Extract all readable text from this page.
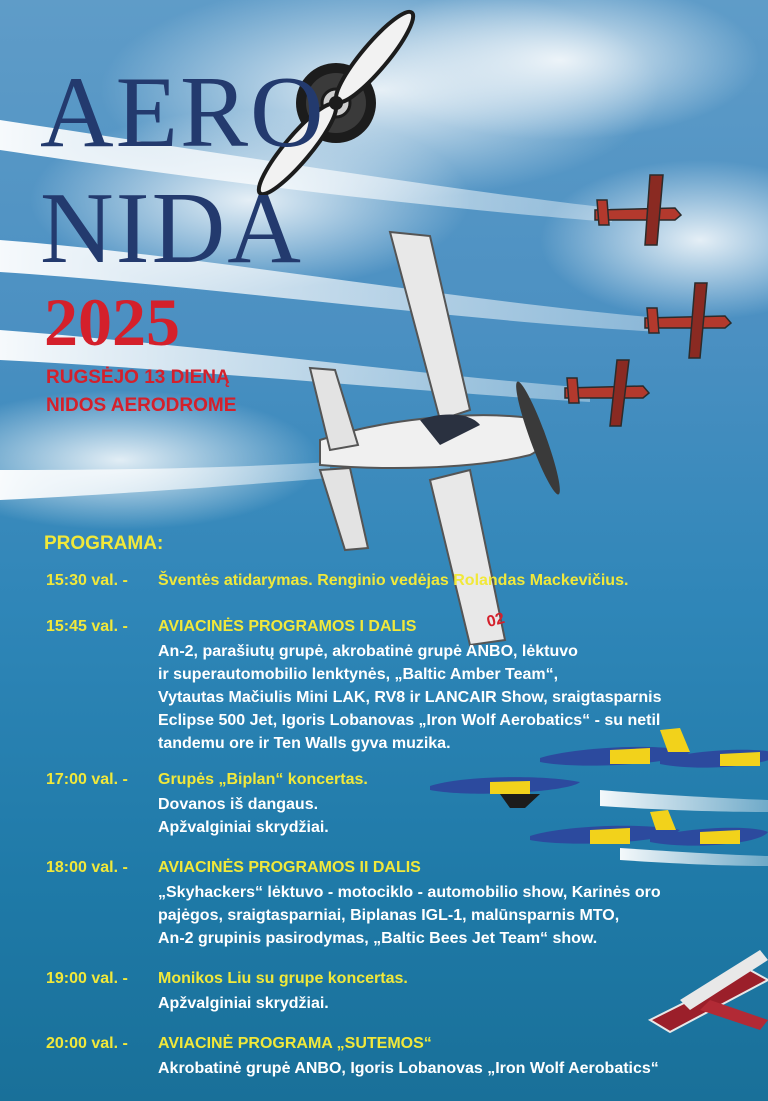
AERO
NIDA
2025
RUGSĖJO 13 DIENĄ
NIDOS AERODROME
PROGRAMA:
15:30 val. - Šventės atidarymas. Renginio vedėjas Rolandas Mackevičius.
15:45 val. - AVIACINĖS PROGRAMOS I DALIS
An-2, parašiutų grupė, akrobatinė grupė ANBO, lėktuvo
ir superautomobilio lenktynės, „Baltic Amber Team“,
Vytautas Mačiulis Mini LAK, RV8 ir LANCAIR Show, sraigtasparnis
Eclipse 500 Jet, Igoris Lobanovas „Iron Wolf Aerobatics“ - su netil
tandemu ore ir Ten Walls gyva muzika.
17:00 val. - Grupės „Biplan“ koncertas.
Dovanos iš dangaus.
Apžvalginiai skrydžiai.
18:00 val. - AVIACINĖS PROGRAMOS II DALIS
„Skyhackers“ lėktuvo - motociklo - automobilio show, Karinės oro
pajėgos, sraigtasparniai, Biplanas IGL-1, malūnsparnis MTO,
An-2 grupinis pasirodymas, „Baltic Bees Jet Team“ show.
19:00 val. - Monikos Liu su grupe koncertas.
Apžvalginiai skrydžiai.
20:00 val. - AVIACINĖ PROGRAMA „SUTEMOS“
Akrobatinė grupė ANBO, Igoris Lobanovas „Iron Wolf Aerobatics“
02
